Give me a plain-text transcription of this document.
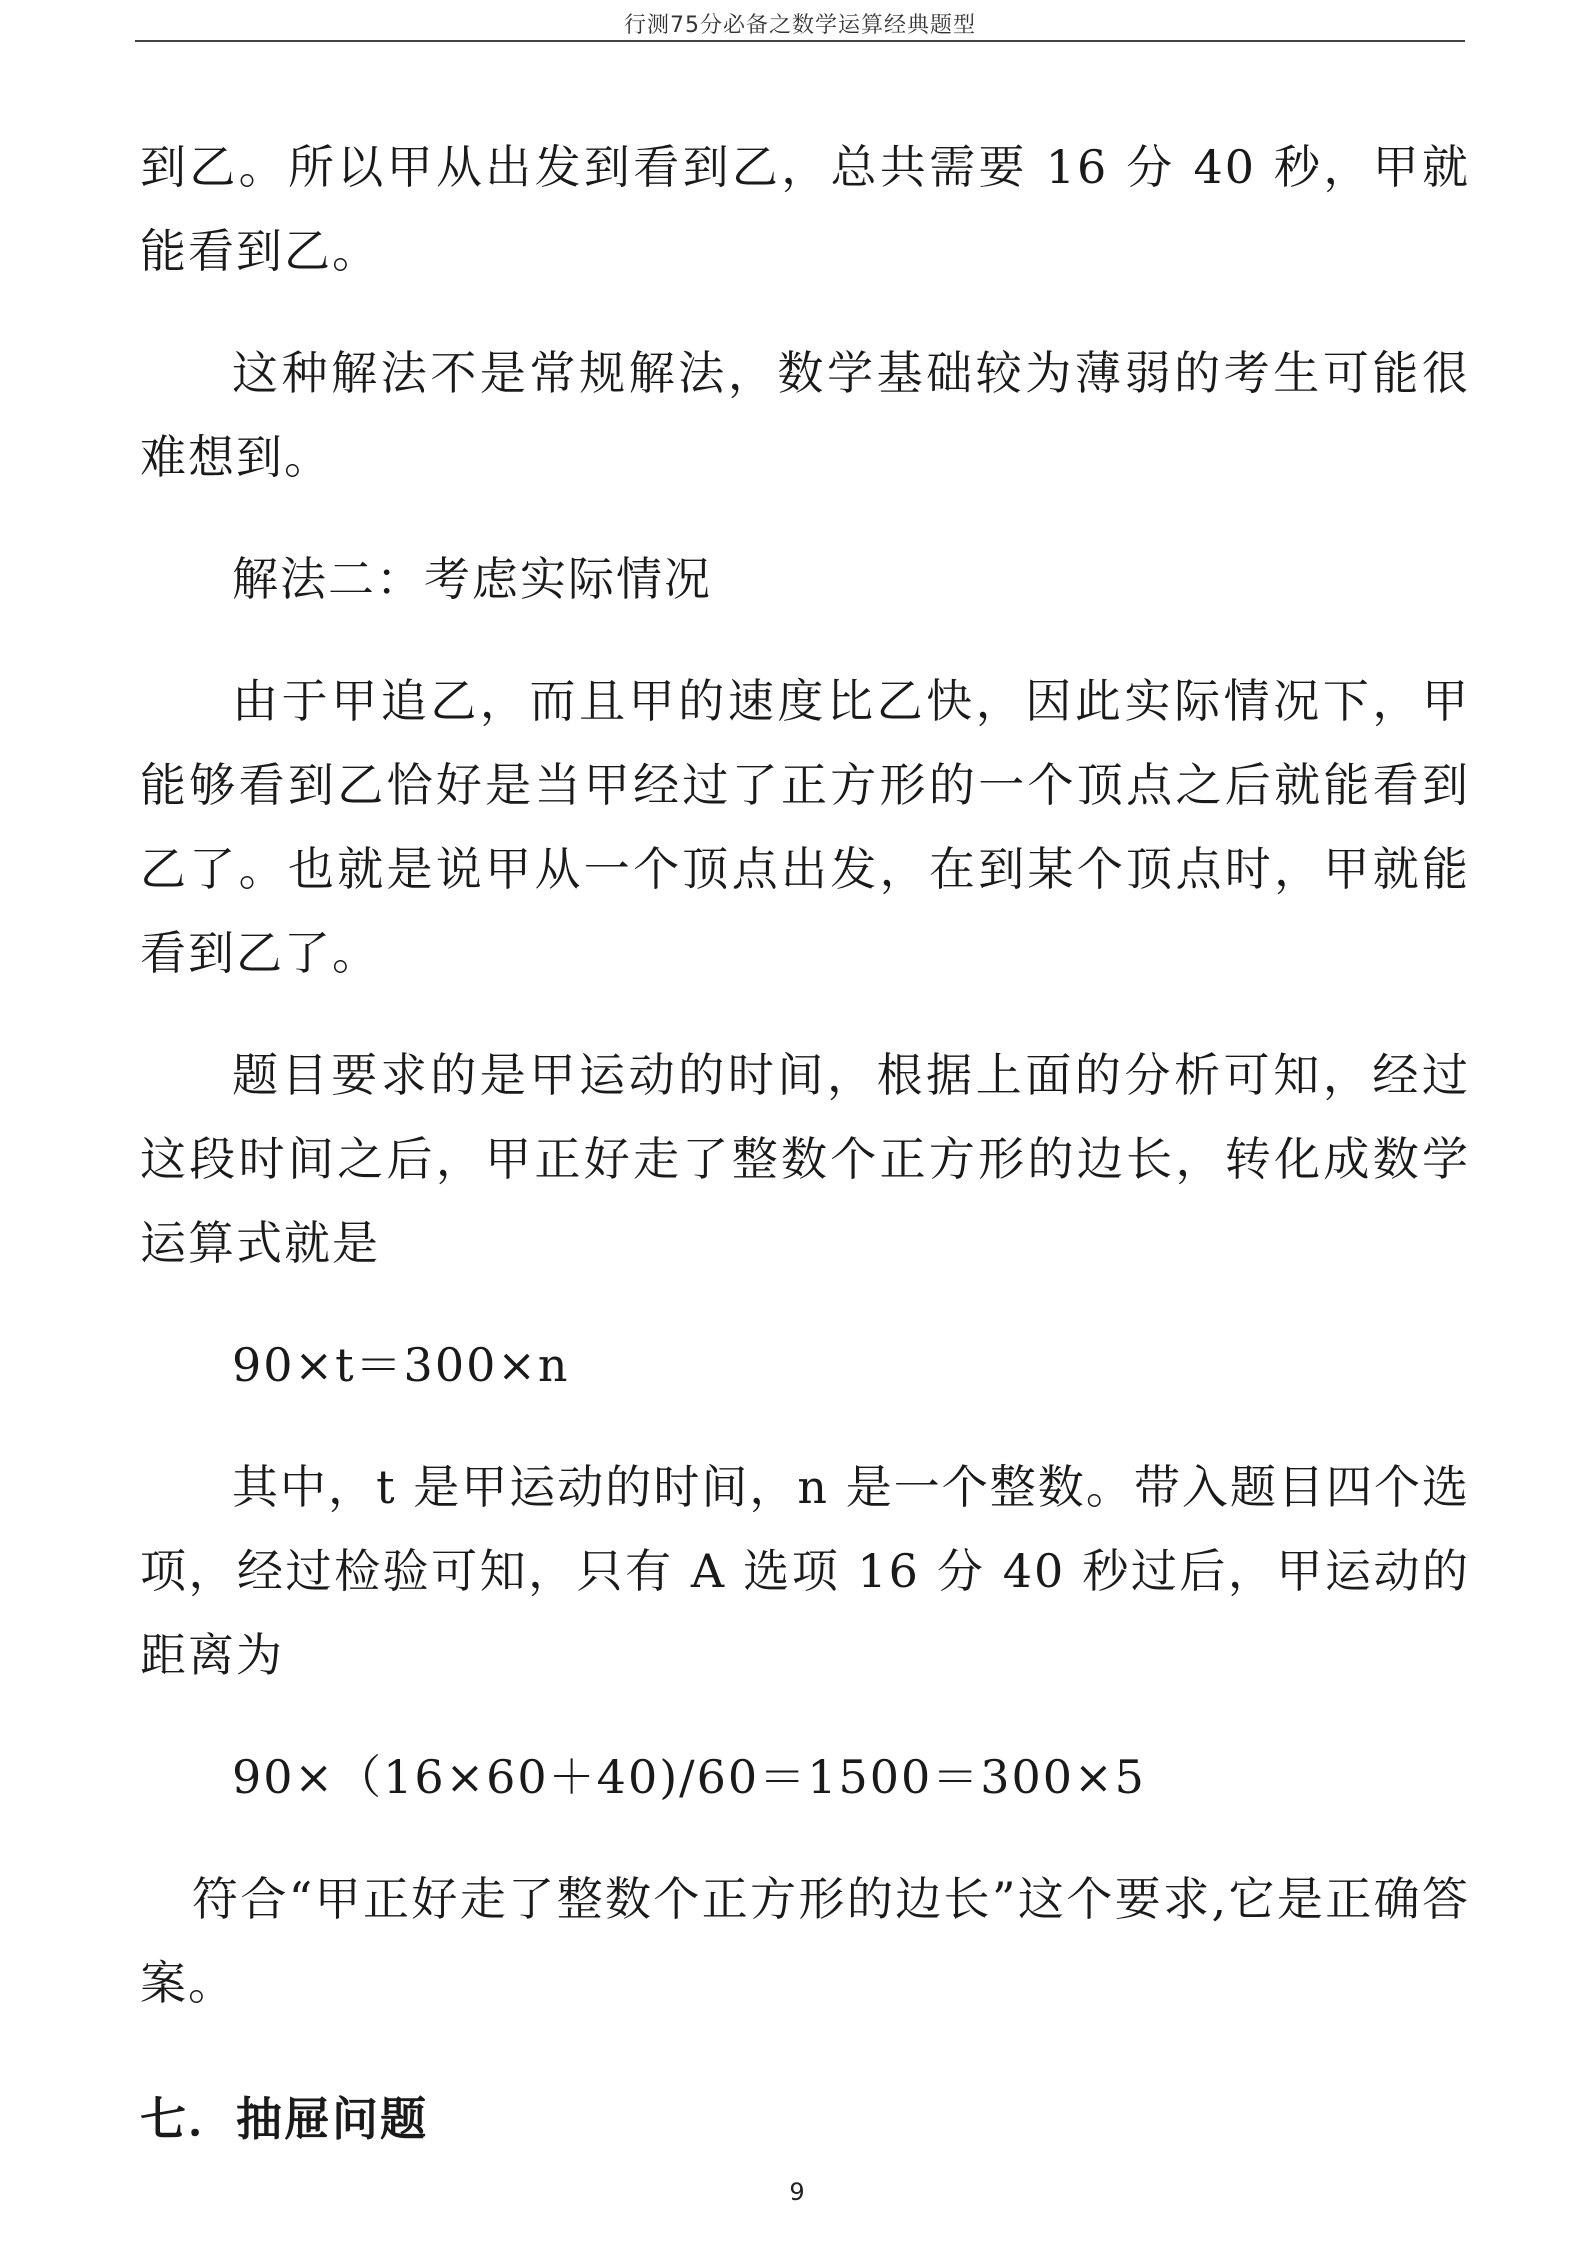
行测75分必备之数学运算经典题型

到乙。所以甲从出发到看到乙，总共需要 16 分 40 秒，甲就能看到乙。

这种解法不是常规解法，数学基础较为薄弱的考生可能很难想到。

解法二：考虑实际情况

由于甲追乙，而且甲的速度比乙快，因此实际情况下，甲能够看到乙恰好是当甲经过了正方形的一个顶点之后就能看到乙了。也就是说甲从一个顶点出发，在到某个顶点时，甲就能看到乙了。

题目要求的是甲运动的时间，根据上面的分析可知，经过这段时间之后，甲正好走了整数个正方形的边长，转化成数学运算式就是

90×t＝300×n

其中，t 是甲运动的时间，n 是一个整数。带入题目四个选项，经过检验可知，只有 A 选项 16 分 40 秒过后，甲运动的距离为

90×（16×60＋40)/60＝1500＝300×5

符合“甲正好走了整数个正方形的边长”这个要求,它是正确答案。

七．抽屉问题
9
